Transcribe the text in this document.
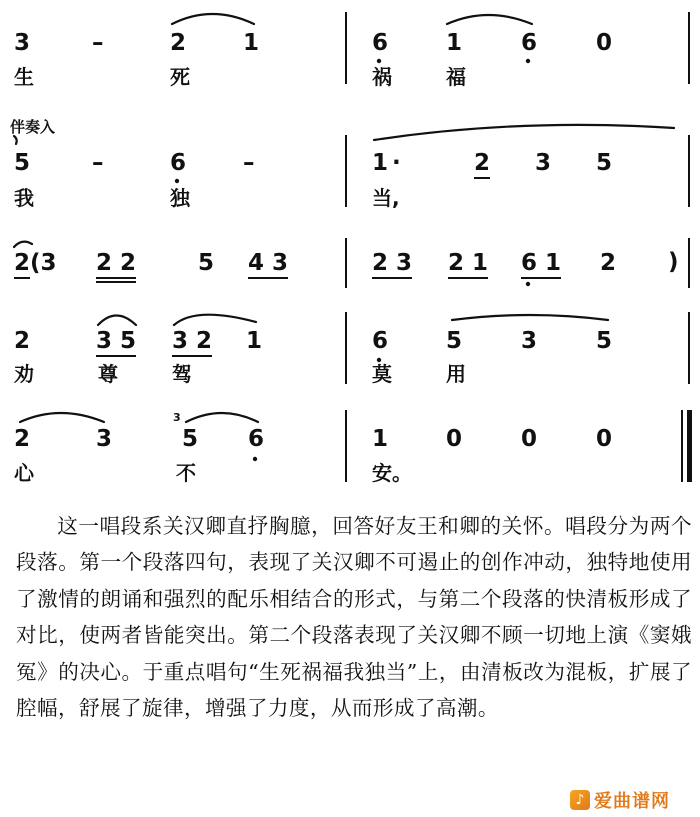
3	–	2 1	6	1	6	0
生	死	祸	福
伴奏入
5	–	6 –	1 ·	2 3 5
我	独	当,
2 (3 2 2	5 4 3	2 3 2 1 6 1 2 )
2	3 5 3 2 1	6	5	3	5
劝	尊	驾	莫	用
2	3
3
5 6	1	0	0	0
心	不	安。

这一唱段系关汉卿直抒胸臆，回答好友王和卿的关怀。唱段分为两个段落。第一个段落四句，表现了关汉卿不可遏止的创作冲动，独特地使用了激情的朗诵和强烈的配乐相结合的形式，与第二个段落的快清板形成了对比，使两者皆能突出。第二个段落表现了关汉卿不顾一切地上演《窦娥冤》的决心。于重点唱句“生死祸福我独当”上，由清板改为混板，扩展了腔幅，舒展了旋律，增强了力度，从而形成了高潮。

♪ 爱曲谱网
